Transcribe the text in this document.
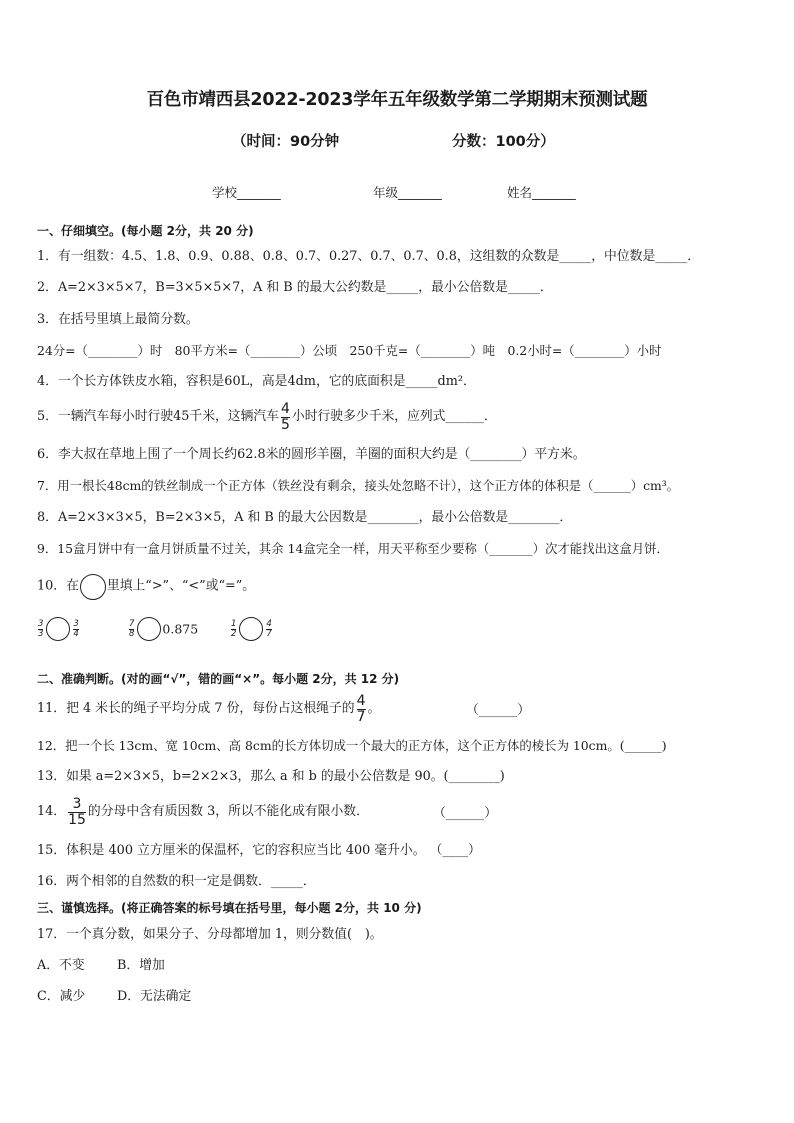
百色市靖西县2022-2023学年五年级数学第二学期期末预测试题
（时间：90分钟	分数：100分）
学校_______	年级_______	姓名_______
一、仔细填空。(每小题 2分，共 20 分)
1．有一组数：4.5、1.8、0.9、0.88、0.8、0.7、0.27、0.7、0.7、0.8，这组数的众数是_____，中位数是_____．
2．A=2×3×5×7，B=3×5×5×7，A 和 B 的最大公约数是_____，最小公倍数是_____．
3．在括号里填上最简分数。
24分=（________）时　80平方米=（________）公顷　250千克=（________）吨　0.2小时=（________）小时
4．一个长方体铁皮水箱，容积是60L，高是4dm，它的底面积是_____dm²．
5．一辆汽车每小时行驶45千米，这辆汽车 $\frac{4}{5}$ 小时行驶多少千米，应列式______．
6．李大叔在草地上围了一个周长约62.8米的圆形羊圈，羊圈的面积大约是（________）平方米。
7．用一根长48cm的铁丝制成一个正方体（铁丝没有剩余，接头处忽略不计），这个正方体的体积是（______）cm³。
8．A=2×3×3×5，B=2×3×5，A 和 B 的最大公因数是________，最小公倍数是________．
9．15盒月饼中有一盒月饼质量不过关，其余 14盒完全一样，用天平称至少要称（_______）次才能找出这盒月饼．
10．在 里填上“>”、“<”或“=”。
$\frac{3}{3}$	$\frac{3}{4}$	$\frac{7}{8} 0.875$	$\frac{1}{2}$	$\frac{4}{7}$
二、准确判断。(对的画“√”，错的画“×”。每小题 2分，共 12 分)
11．把 4 米长的绳子平均分成 7 份，每份占这根绳子的 $\frac{4}{7}$ 。	（______）
12．把一个长 13cm、宽 10cm、高 8cm的长方体切成一个最大的正方体，这个正方体的棱长为 10cm。(______)
13．如果 a=2×3×5，b=2×2×3，那么 a 和 b 的最小公倍数是 90。(________)
14． $\frac{3}{15}$ 的分母中含有质因数 3，所以不能化成有限小数．	（______）
15．体积是 400 立方厘米的保温杯，它的容积应当比 400 毫升小。 （____）
16．两个相邻的自然数的积一定是偶数．_____．
三、谨慎选择。(将正确答案的标号填在括号里，每小题 2分，共 10 分)
17．一个真分数，如果分子、分母都增加 1，则分数值(　)。
A．不变	B．增加
C．减少 D．无法确定
